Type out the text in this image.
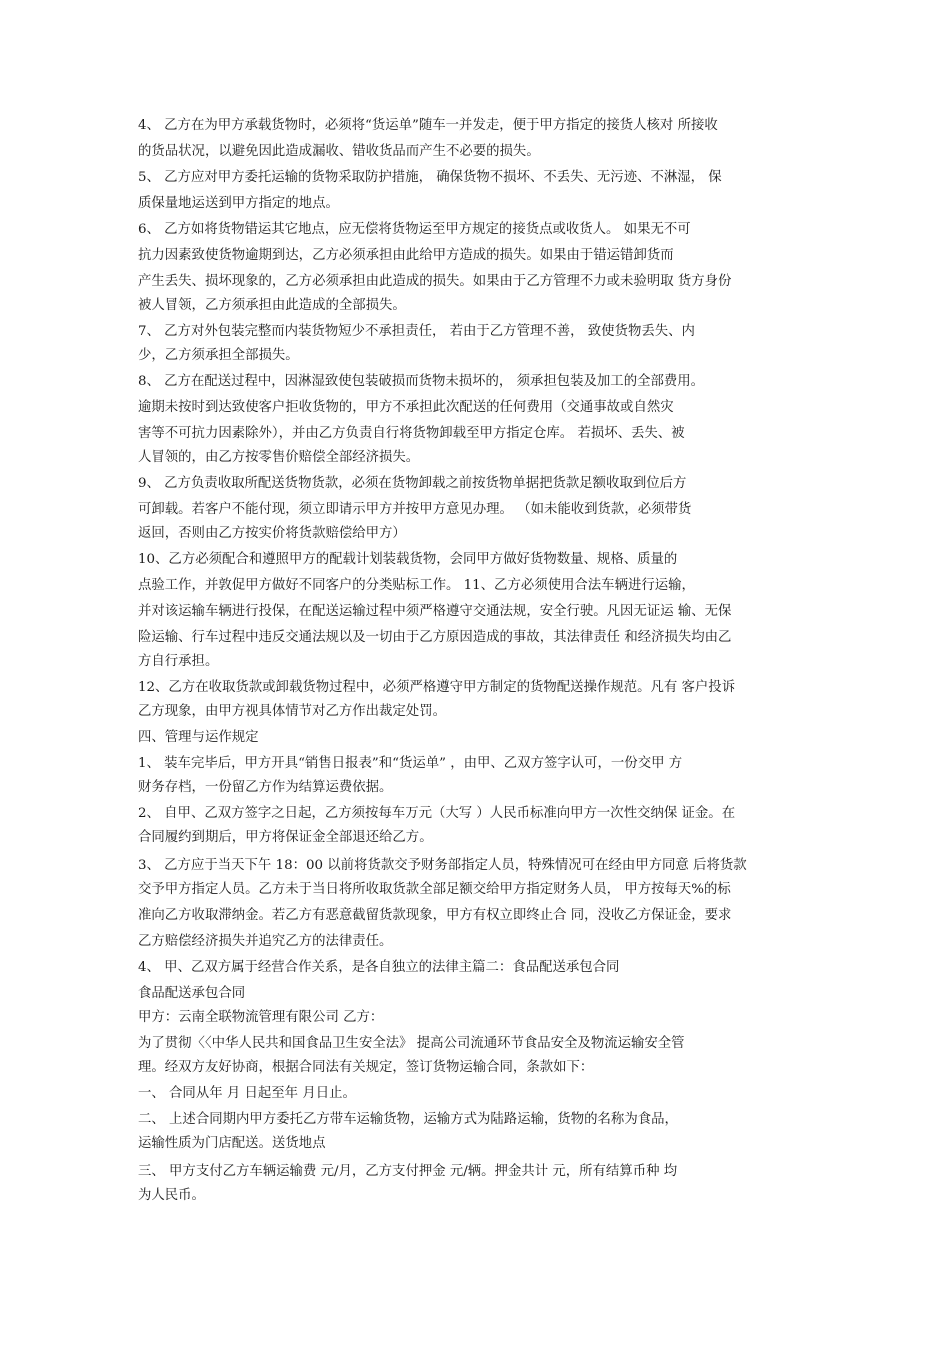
4、 乙方在为甲方承载货物时，必须将“货运单”随车一并发走，便于甲方指定的接货人核对 所接收
的货品状况，以避免因此造成漏收、错收货品而产生不必要的损失。
5、 乙方应对甲方委托运输的货物采取防护措施， 确保货物不损坏、不丢失、无污迹、不淋湿， 保
质保量地运送到甲方指定的地点。
6、 乙方如将货物错运其它地点，应无偿将货物运至甲方规定的接货点或收货人。 如果无不可
抗力因素致使货物逾期到达，乙方必须承担由此给甲方造成的损失。如果由于错运错卸货而
产生丢失、损坏现象的，乙方必须承担由此造成的损失。如果由于乙方管理不力或未验明取 货方身份
被人冒领，乙方须承担由此造成的全部损失。
7、 乙方对外包装完整而内装货物短少不承担责任， 若由于乙方管理不善， 致使货物丢失、内
少，乙方须承担全部损失。
8、 乙方在配送过程中，因淋湿致使包装破损而货物未损坏的， 须承担包装及加工的全部费用。
逾期未按时到达致使客户拒收货物的，甲方不承担此次配送的任何费用（交通事故或自然灾
害等不可抗力因素除外），并由乙方负责自行将货物卸载至甲方指定仓库。 若损坏、丢失、被
人冒领的，由乙方按零售价赔偿全部经济损失。
9、 乙方负责收取所配送货物货款，必须在货物卸载之前按货物单据把货款足额收取到位后方
可卸载。若客户不能付现，须立即请示甲方并按甲方意见办理。 （如未能收到货款，必须带货
返回，否则由乙方按实价将货款赔偿给甲方）
10、乙方必须配合和遵照甲方的配载计划装载货物，会同甲方做好货物数量、规格、质量的
点验工作，并敦促甲方做好不同客户的分类贴标工作。 11、乙方必须使用合法车辆进行运输，
并对该运输车辆进行投保，在配送运输过程中须严格遵守交通法规，安全行驶。凡因无证运 输、无保
险运输、行车过程中违反交通法规以及一切由于乙方原因造成的事故，其法律责任 和经济损失均由乙
方自行承担。
12、乙方在收取货款或卸载货物过程中，必须严格遵守甲方制定的货物配送操作规范。凡有 客户投诉
乙方现象，由甲方视具体情节对乙方作出裁定处罚。
四、管理与运作规定
1、 装车完毕后，甲方开具“销售日报表”和“货运单” ，由甲、乙双方签字认可，一份交甲 方
财务存档，一份留乙方作为结算运费依据。
2、 自甲、乙双方签字之日起，乙方须按每车万元（大写 ）人民币标准向甲方一次性交纳保 证金。在
合同履约到期后，甲方将保证金全部退还给乙方。
3、 乙方应于当天下午 18：00 以前将货款交予财务部指定人员，特殊情况可在经由甲方同意 后将货款
交予甲方指定人员。乙方未于当日将所收取货款全部足额交给甲方指定财务人员， 甲方按每天%的标
准向乙方收取滞纳金。若乙方有恶意截留货款现象，甲方有权立即终止合 同，没收乙方保证金，要求
乙方赔偿经济损失并追究乙方的法律责任。
4、 甲、乙双方属于经营合作关系，是各自独立的法律主篇二：食品配送承包合同
食品配送承包合同
甲方：云南全联物流管理有限公司 乙方：
为了贯彻〈〈中华人民共和国食品卫生安全法》 提高公司流通环节食品安全及物流运输安全管
理。经双方友好协商，根据合同法有关规定，签订货物运输合同，条款如下：
一、 合同从年 月 日起至年 月日止。
二、 上述合同期内甲方委托乙方带车运输货物，运输方式为陆路运输，货物的名称为食品，
运输性质为门店配送。送货地点
三、 甲方支付乙方车辆运输费 元/月，乙方支付押金 元/辆。押金共计 元，所有结算币种 均
为人民币。
